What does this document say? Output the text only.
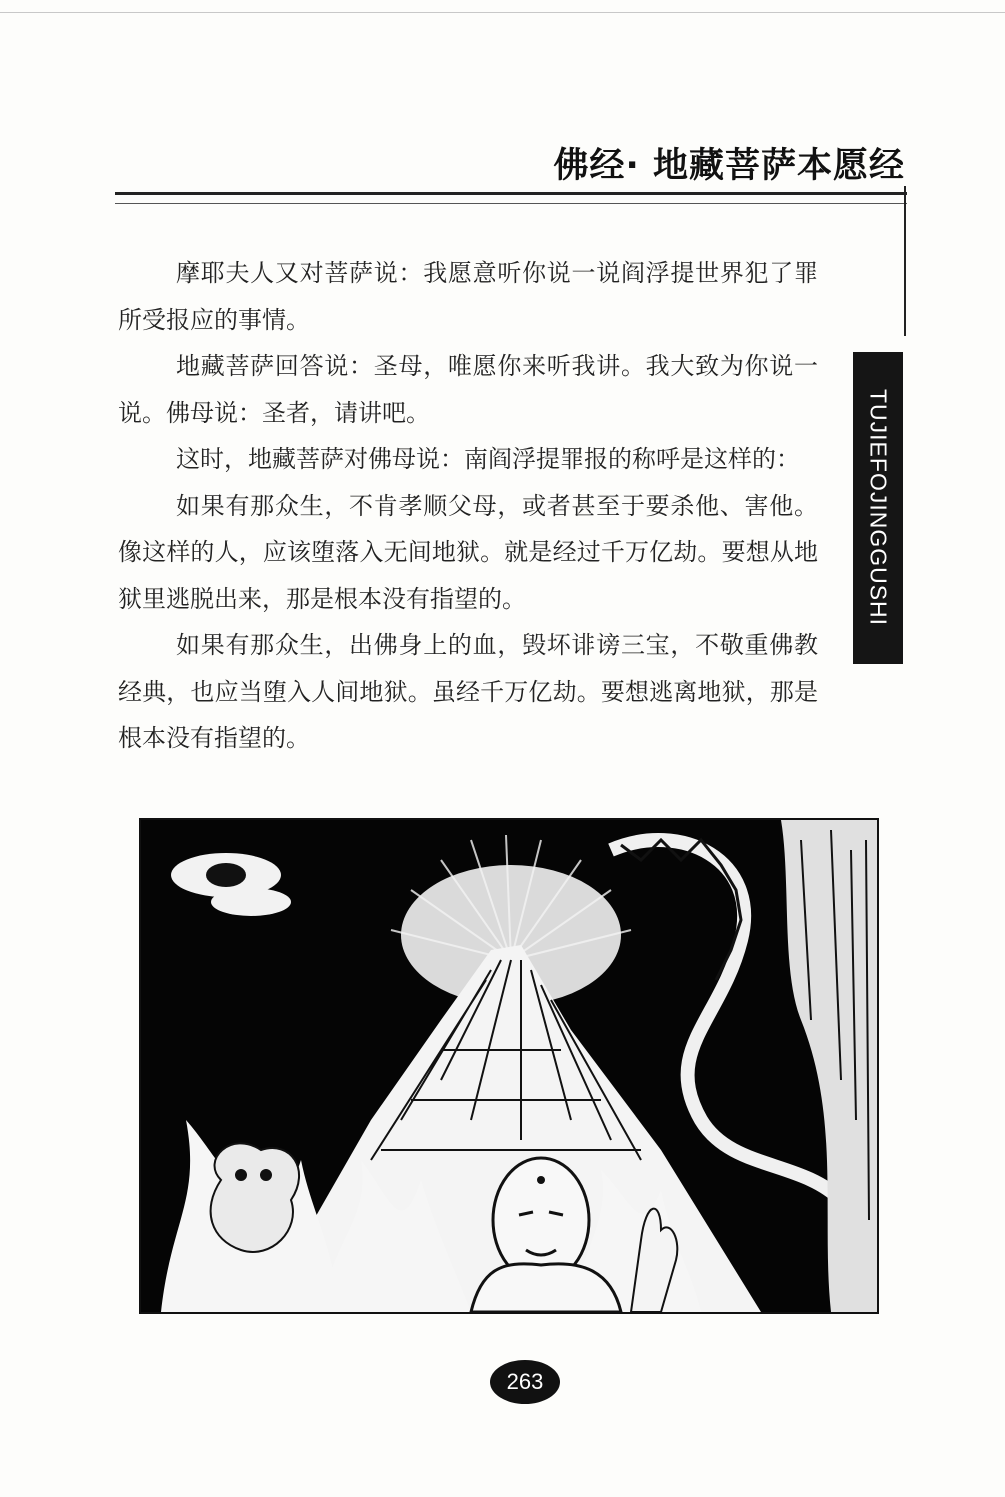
佛经· 地藏菩萨本愿经
TUJIEFOJINGGUSHI

摩耶夫人又对菩萨说：我愿意听你说一说阎浮提世界犯了罪所受报应的事情。

地藏菩萨回答说：圣母，唯愿你来听我讲。我大致为你说一说。佛母说：圣者，请讲吧。

这时，地藏菩萨对佛母说：南阎浮提罪报的称呼是这样的：

如果有那众生，不肯孝顺父母，或者甚至于要杀他、害他。像这样的人，应该堕落入无间地狱。就是经过千万亿劫。要想从地狱里逃脱出来，那是根本没有指望的。

如果有那众生，出佛身上的血，毁坏诽谤三宝，不敬重佛教经典，也应当堕入人间地狱。虽经千万亿劫。要想逃离地狱，那是根本没有指望的。

263
